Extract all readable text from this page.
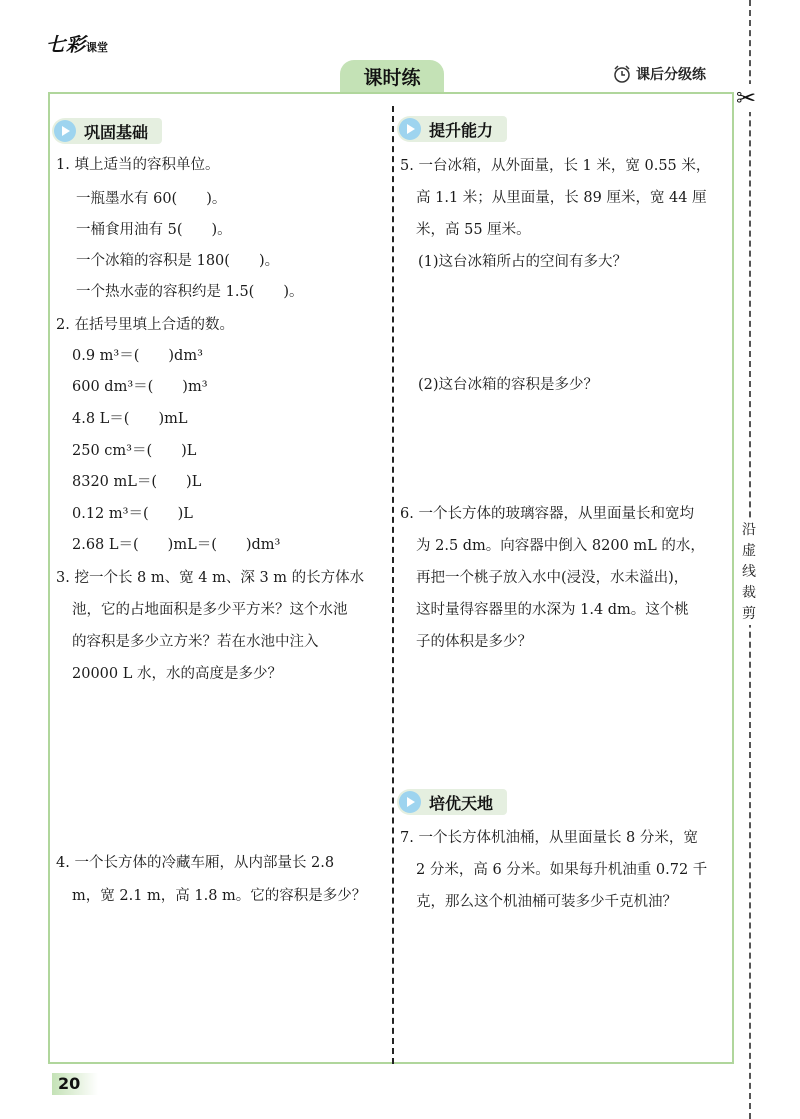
七彩课堂
课时练	课后分级练
巩固基础
1. 填上适当的容积单位。
一瓶墨水有 60(　　)。
一桶食用油有 5(　　)。
一个冰箱的容积是 180(　　)。
一个热水壶的容积约是 1.5(　　)。
2. 在括号里填上合适的数。
0.9 m³＝(　　)dm³
600 dm³＝(　　)m³
4.8 L＝(　　)mL
250 cm³＝(　　)L
8320 mL＝(　　)L
0.12 m³＝(　　)L
2.68 L＝(　　)mL＝(　　)dm³
3. 挖一个长 8 m、宽 4 m、深 3 m 的长方体水
池，它的占地面积是多少平方米？这个水池
的容积是多少立方米？若在水池中注入
20000 L 水，水的高度是多少？
4. 一个长方体的冷藏车厢，从内部量长 2.8
m，宽 2.1 m，高 1.8 m。它的容积是多少？
提升能力
5. 一台冰箱，从外面量，长 1 米，宽 0.55 米，
高 1.1 米；从里面量，长 89 厘米，宽 44 厘
米，高 55 厘米。
(1)这台冰箱所占的空间有多大？
(2)这台冰箱的容积是多少？
6. 一个长方体的玻璃容器，从里面量长和宽均
为 2.5 dm。向容器中倒入 8200 mL 的水，
再把一个桃子放入水中(浸没，水未溢出)，
这时量得容器里的水深为 1.4 dm。这个桃
子的体积是多少？
培优天地
7. 一个长方体机油桶，从里面量长 8 分米，宽
2 分米，高 6 分米。如果每升机油重 0.72 千
克，那么这个机油桶可装多少千克机油？
✂
沿
虚
线
裁
剪
20
